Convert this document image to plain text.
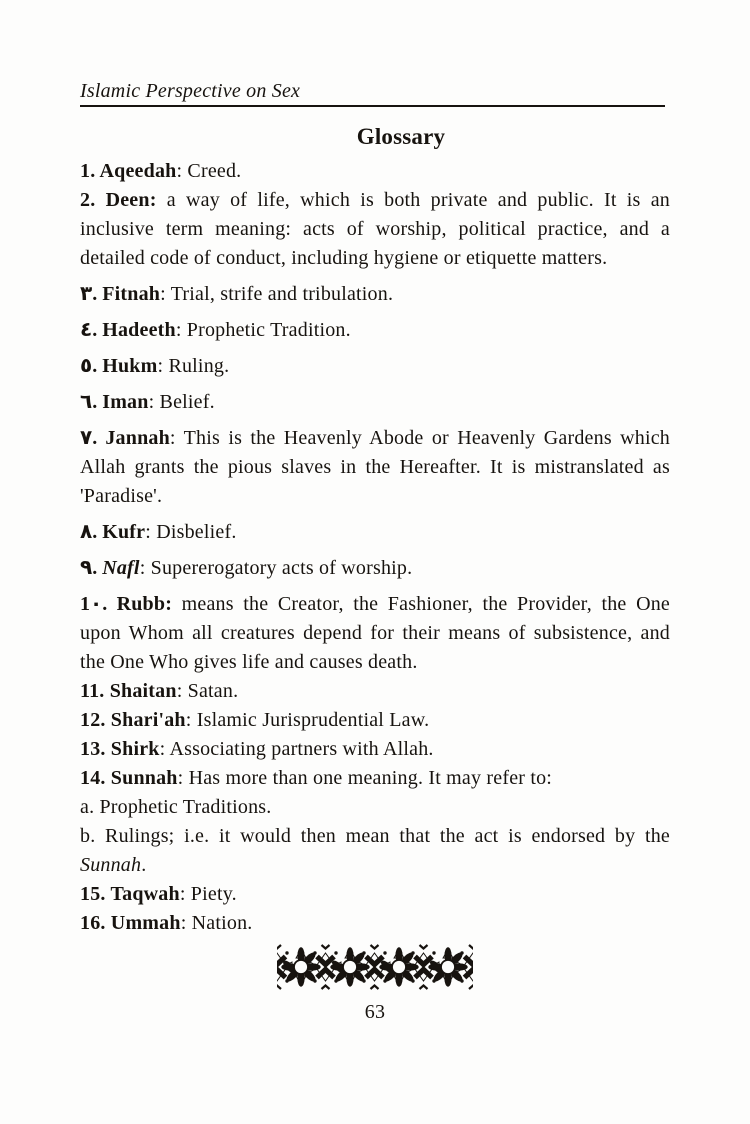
Islamic Perspective on Sex
Glossary

1. Aqeedah: Creed.

2. Deen: a way of life, which is both private and public. It is an inclusive term meaning: acts of worship, political practice, and a detailed code of conduct, including hygiene or etiquette matters.

٣. Fitnah: Trial, strife and tribulation.

٤. Hadeeth: Prophetic Tradition.

٥. Hukm: Ruling.

٦. Iman: Belief.

٧. Jannah: This is the Heavenly Abode or Heavenly Gardens which Allah grants the pious slaves in the Hereafter. It is mistranslated as 'Paradise'.

٨. Kufr: Disbelief.

٩. Nafl: Supererogatory acts of worship.

1٠. Rubb: means the Creator, the Fashioner, the Provider, the One upon Whom all creatures depend for their means of subsistence, and the One Who gives life and causes death.

11. Shaitan: Satan.

12. Shari'ah: Islamic Jurisprudential Law.

13. Shirk: Associating partners with Allah.

14. Sunnah: Has more than one meaning. It may refer to:

a. Prophetic Traditions.

b. Rulings; i.e. it would then mean that the act is endorsed by the Sunnah.

15. Taqwah: Piety.

16. Ummah: Nation.

63
